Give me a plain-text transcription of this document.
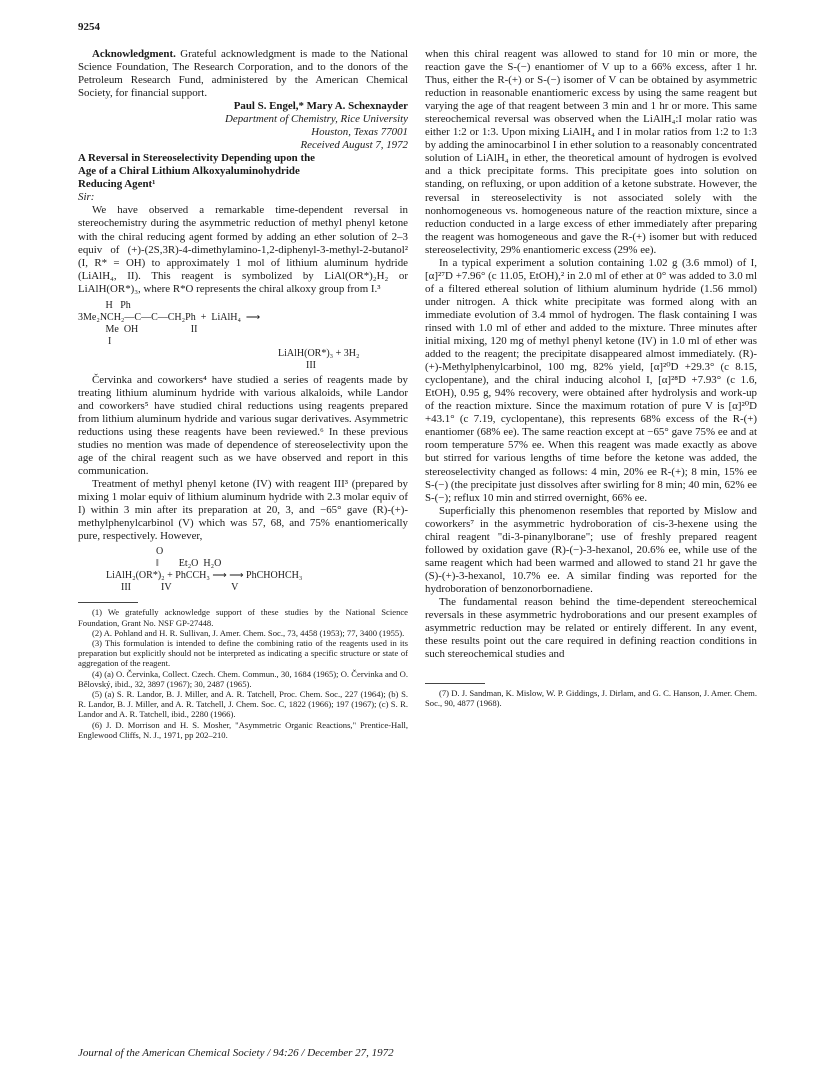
9254

Acknowledgment. Grateful acknowledgment is made to the National Science Foundation, The Research Corporation, and to the donors of the Petroleum Research Fund, administered by the American Chemical Society, for financial support.

Paul S. Engel,* Mary A. Schexnayder

Department of Chemistry, Rice University

Houston, Texas 77001

Received August 7, 1972

A Reversal in Stereoselectivity Depending upon the Age of a Chiral Lithium Alkoxyaluminohydride Reducing Agent¹

Sir:

We have observed a remarkable time-dependent reversal in stereochemistry during the asymmetric reduction of methyl phenyl ketone with the chiral reducing agent formed by adding an ether solution of 2–3 equiv of (+)-(2S,3R)-4-dimethylamino-1,2-diphenyl-3-methyl-2-butanol² (I, R* = OH) to approximately 1 mol of lithium aluminum hydride (LiAlH₄, II). This reagent is symbolized by LiAl(OR*)₂H₂ or LiAlH(OR*)₃, where R*O represents the chiral alkoxy group from I.³

H   Ph
3Me₂NCH₂—C—C—CH₂Ph  +  LiAlH₄  ⟶
Me  OH                     II
I
LiAlH(OR*)₃ + 3H₂
III

Červinka and coworkers⁴ have studied a series of reagents made by treating lithium aluminum hydride with various alkaloids, while Landor and coworkers⁵ have studied chiral reductions using reagents prepared from lithium aluminum hydride and various sugar derivatives. Asymmetric reductions using these reagents have been reviewed.⁶ In these previous studies no mention was made of dependence of stereoselectivity upon the age of the chiral reagent such as we have observed and report in this communication.

Treatment of methyl phenyl ketone (IV) with reagent III³ (prepared by mixing 1 molar equiv of lithium aluminum hydride with 2.3 molar equiv of I) within 3 min after its preparation at 20, 3, and −65° gave (R)-(+)-methylphenylcarbinol (V) which was 57, 68, and 75% enantiomerically pure, respectively. However,

O
‖        Et₂O  H₂O
LiAlH₂(OR*)₂ + PhCCH₃ ⟶ ⟶ PhCHOHCH₃
III            IV                        V

(1) We gratefully acknowledge support of these studies by the National Science Foundation, Grant No. NSF GP-27448.

(2) A. Pohland and H. R. Sullivan, J. Amer. Chem. Soc., 73, 4458 (1953); 77, 3400 (1955).

(3) This formulation is intended to define the combining ratio of the reagents used in its preparation but explicitly should not be interpreted as indicating a specific structure or state of aggregation of the reagent.

(4) (a) O. Červinka, Collect. Czech. Chem. Commun., 30, 1684 (1965); O. Červinka and O. Bělovský, ibid., 32, 3897 (1967); 30, 2487 (1965).

(5) (a) S. R. Landor, B. J. Miller, and A. R. Tatchell, Proc. Chem. Soc., 227 (1964); (b) S. R. Landor, B. J. Miller, and A. R. Tatchell, J. Chem. Soc. C, 1822 (1966); 197 (1967); (c) S. R. Landor and A. R. Tatchell, ibid., 2280 (1966).

(6) J. D. Morrison and H. S. Mosher, "Asymmetric Organic Reactions," Prentice-Hall, Englewood Cliffs, N. J., 1971, pp 202–210.

when this chiral reagent was allowed to stand for 10 min or more, the reaction gave the S-(−) enantiomer of V up to a 66% excess, after 1 hr. Thus, either the R-(+) or S-(−) isomer of V can be obtained by asymmetric reduction in reasonable enantiomeric excess by using the same reagent but varying the age of that reagent between 3 min and 1 hr or more. This same stereochemical reversal was observed when the LiAlH₄:I molar ratio was either 1:2 or 1:3. Upon mixing LiAlH₄ and I in molar ratios from 1:2 to 1:3 by adding the aminocarbinol I in ether solution to a reasonably concentrated solution of LiAlH₄ in ether, the theoretical amount of hydrogen is evolved and a thick precipitate forms. This precipitate goes into solution on standing, on refluxing, or upon addition of a ketone substrate. However, the reversal in stereoselectivity is not associated solely with the nonhomogeneous vs. homogeneous nature of the reaction mixture, since a reduction conducted in a large excess of ether immediately after preparing the reagent was homogeneous and gave the R-(+) isomer but with reduced stereoselectivity, 29% enantiomeric excess (29% ee).

In a typical experiment a solution containing 1.02 g (3.6 mmol) of I, [α]²⁷D +7.96° (c 11.05, EtOH),² in 2.0 ml of ether at 0° was added to 3.0 ml of a filtered ethereal solution of lithium aluminum hydride (1.56 mmol) under nitrogen. A thick white precipitate was formed along with an immediate evolution of 3.4 mmol of hydrogen. The flask containing I was rinsed with 1.0 ml of ether and added to the mixture. Three minutes after initial mixing, 120 mg of methyl phenyl ketone (IV) in 1.0 ml of ether was added to the reagent; the precipitate disappeared almost immediately. (R)-(+)-Methylphenylcarbinol, 100 mg, 82% yield, [α]²⁰D +29.3° (c 8.15, cyclopentane), and the chiral inducing alcohol I, [α]²⁸D +7.93° (c 1.6, EtOH), 0.95 g, 94% recovery, were obtained after hydrolysis and work-up of the reaction mixture. Since the maximum rotation of pure V is [α]²⁰D +43.1° (c 7.19, cyclopentane), this represents 68% excess of the R-(+) enantiomer (68% ee). The same reaction except at −65° gave 75% ee and at room temperature 57% ee. When this reagent was made exactly as above but stirred for various lengths of time before the ketone was added, the stereoselectivity changed as follows: 4 min, 20% ee R-(+); 8 min, 15% ee S-(−) (the precipitate just dissolves after swirling for 8 min; 40 min, 62% ee S-(−); reflux 10 min and stirred overnight, 66% ee.

Superficially this phenomenon resembles that reported by Mislow and coworkers⁷ in the asymmetric hydroboration of cis-3-hexene using the chiral reagent "di-3-pinanylborane"; use of freshly prepared reagent followed by oxidation gave (R)-(−)-3-hexanol, 20.6% ee, while use of the same reagent which had been warmed and allowed to stand 21 hr gave the (S)-(+)-3-hexanol, 10.7% ee. A similar finding was reported for the hydroboration of benzonorbornadiene.

The fundamental reason behind the time-dependent stereochemical reversals in these asymmetric hydroborations and our present examples of asymmetric reduction may be related or entirely different. In any event, these results point out the care required in defining reaction conditions in such stereochemical studies and

(7) D. J. Sandman, K. Mislow, W. P. Giddings, J. Dirlam, and G. C. Hanson, J. Amer. Chem. Soc., 90, 4877 (1968).

Journal of the American Chemical Society / 94:26 / December 27, 1972
